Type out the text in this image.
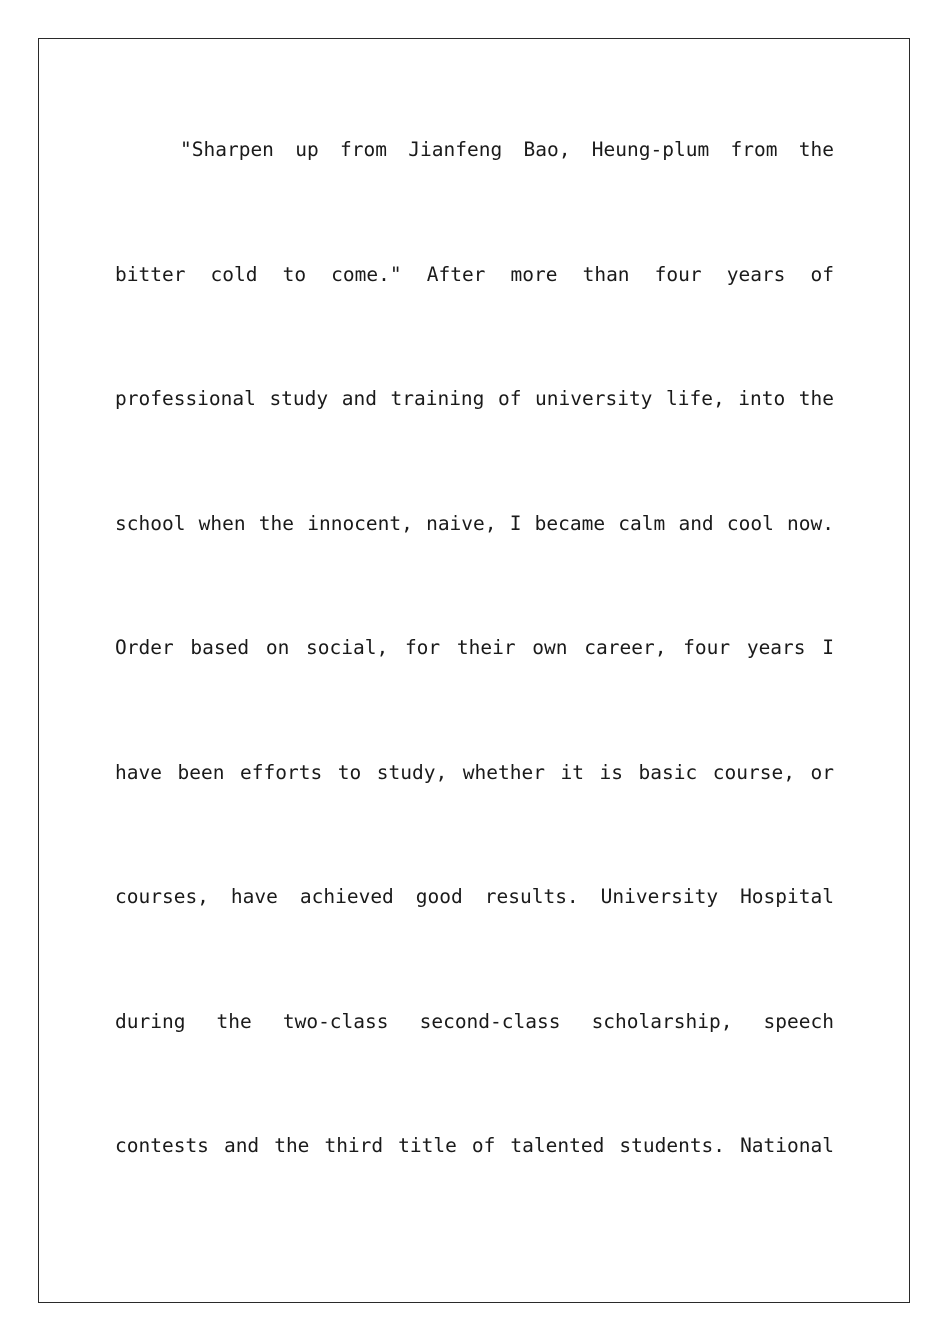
"Sharpen up from Jianfeng Bao, Heung-plum from the
bitter cold to come." After more than four years of
professional study and training of university life, into the
school when the innocent, naive, I became calm and cool now.
Order based on social, for their own career, four years I
have been efforts to study, whether it is basic course, or
courses, have achieved good results. University Hospital
during the two-class second-class scholarship, speech
contests and the third title of talented students. National
